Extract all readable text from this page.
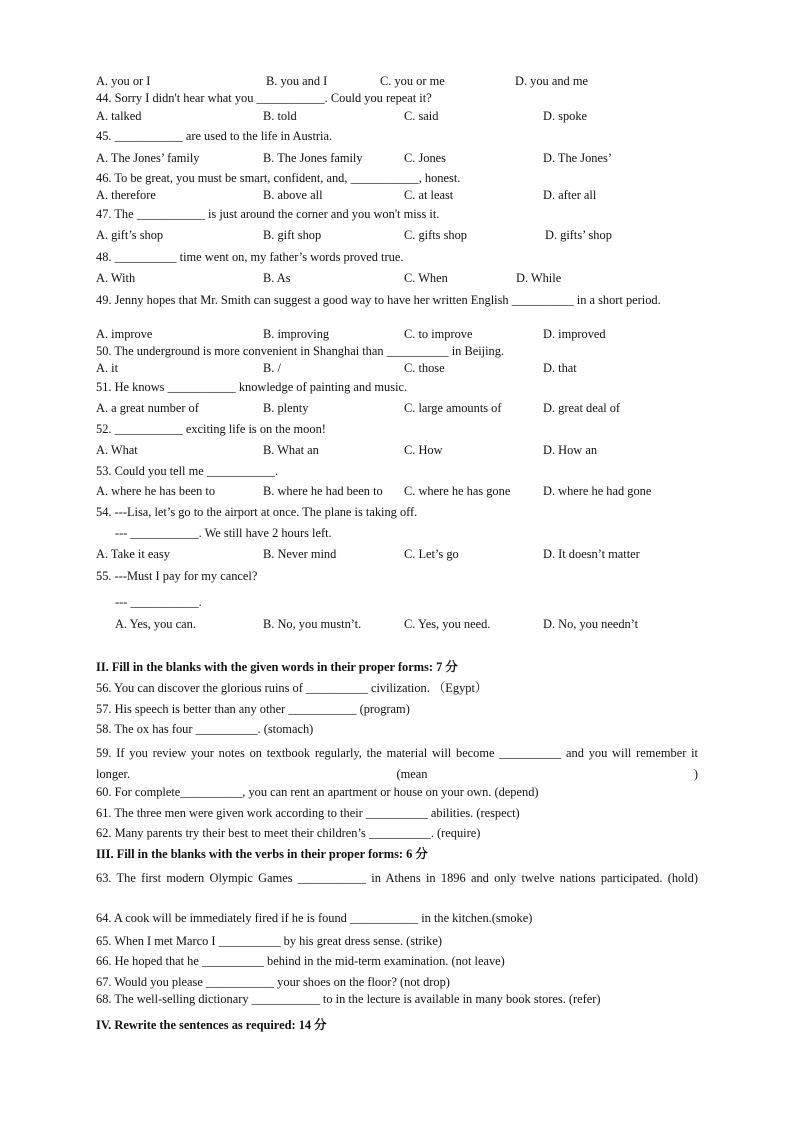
A. you or I	B. you and I	C. you or me	D. you and me
44. Sorry I didn't hear what you ___________. Could you repeat it?
A. talked	B. told	C. said	D. spoke
45. ___________ are used to the life in Austria.
A. The Jones’ family	B. The Jones family	C. Jones	D. The Jones’
46. To be great, you must be smart, confident, and, ___________, honest.
A. therefore	B. above all	C. at least	D. after all
47. The ___________ is just around the corner and you won't miss it.
A. gift’s shop	B. gift shop	C. gifts shop	D. gifts’ shop
48. __________ time went on, my father’s words proved true.
A. With	B. As	C. When	D. While
49. Jenny hopes that Mr. Smith can suggest a good way to have her written English __________ in a short period.
A. improve	B. improving	C. to improve	D. improved
50. The underground is more convenient in Shanghai than __________ in Beijing.
A. it	B. /	C. those	D. that
51. He knows ___________ knowledge of painting and music.
A. a great number of	B. plenty	C. large amounts of	D. great deal of
52. ___________ exciting life is on the moon!
A. What	B. What an	C. How	D. How an
53. Could you tell me ___________.
A. where he has been to	B. where he had been to C. where he has gone	D. where he had gone
54. ---Lisa, let’s go to the airport at once. The plane is taking off.
--- ___________. We still have 2 hours left.
A. Take it easy	B. Never mind	C. Let’s go	D. It doesn’t matter
55. ---Must I pay for my cancel?
--- ___________.
A. Yes, you can.	B. No, you mustn’t.	C. Yes, you need.	D. No, you needn’t
II. Fill in the blanks with the given words in their proper forms: 7 分
56. You can discover the glorious ruins of __________ civilization. （Egypt）
57. His speech is better than any other ___________ (program)
58. The ox has four __________. (stomach)
59. If you review your notes on textbook regularly, the material will become __________ and you will remember it longer. (mean )
60. For complete__________, you can rent an apartment or house on your own. (depend)
61. The three men were given work according to their __________ abilities. (respect)
62. Many parents try their best to meet their children’s __________. (require)
III. Fill in the blanks with the verbs in their proper forms: 6 分
63. The first modern Olympic Games ___________ in Athens in 1896 and only twelve nations participated. (hold)
64. A cook will be immediately fired if he is found ___________ in the kitchen.(smoke)
65. When I met Marco I __________ by his great dress sense. (strike)
66. He hoped that he __________ behind in the mid-term examination. (not leave)
67. Would you please ___________ your shoes on the floor? (not drop)
68. The well-selling dictionary ___________ to in the lecture is available in many book stores. (refer)
IV. Rewrite the sentences as required: 14 分
